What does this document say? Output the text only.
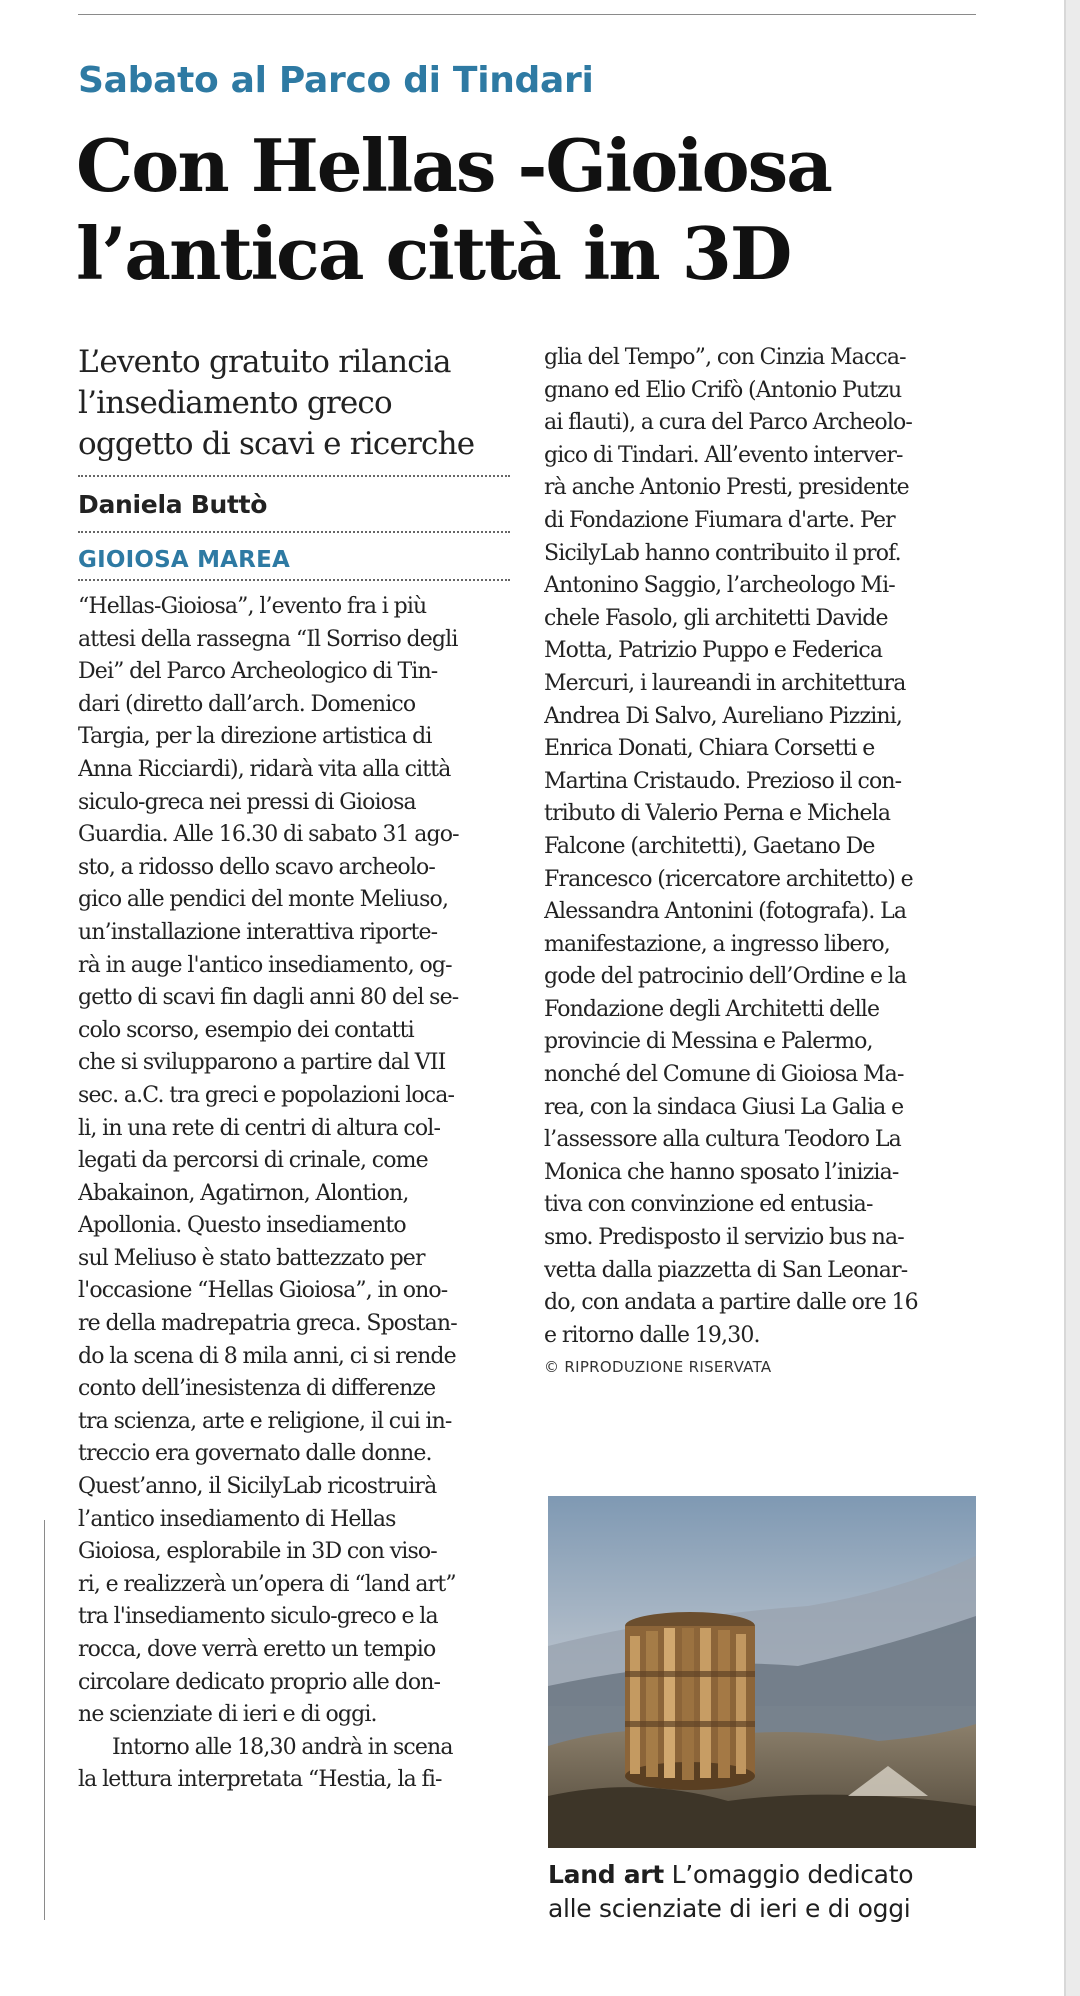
Sabato al Parco di Tindari
Con Hellas -Gioiosa
l’antica città in 3D
L’evento gratuito rilancia
l’insediamento greco
oggetto di scavi e ricerche
Daniela Buttò
GIOIOSA MAREA
“Hellas-Gioiosa”, l’evento fra i più
attesi della rassegna “Il Sorriso degli
Dei” del Parco Archeologico di Tin-
dari (diretto dall’arch. Domenico
Targia, per la direzione artistica di
Anna Ricciardi), ridarà vita alla città
siculo-greca nei pressi di Gioiosa
Guardia. Alle 16.30 di sabato 31 ago-
sto, a ridosso dello scavo archeolo-
gico alle pendici del monte Meliuso,
un’installazione interattiva riporte-
rà in auge l'antico insediamento, og-
getto di scavi fin dagli anni 80 del se-
colo scorso, esempio dei contatti
che si svilupparono a partire dal VII
sec. a.C. tra greci e popolazioni loca-
li, in una rete di centri di altura col-
legati da percorsi di crinale, come
Abakainon, Agatirnon, Alontion,
Apollonia. Questo insediamento
sul Meliuso è stato battezzato per
l'occasione “Hellas Gioiosa”, in ono-
re della madrepatria greca. Spostan-
do la scena di 8 mila anni, ci si rende
conto dell’inesistenza di differenze
tra scienza, arte e religione, il cui in-
treccio era governato dalle donne.
Quest’anno, il SicilyLab ricostruirà
l’antico insediamento di Hellas
Gioiosa, esplorabile in 3D con viso-
ri, e realizzerà un’opera di “land art”
tra l'insediamento siculo-greco e la
rocca, dove verrà eretto un tempio
circolare dedicato proprio alle don-
ne scienziate di ieri e di oggi.
Intorno alle 18,30 andrà in scena
la lettura interpretata “Hestia, la fi-
glia del Tempo”, con Cinzia Macca-
gnano ed Elio Crifò (Antonio Putzu
ai flauti), a cura del Parco Archeolo-
gico di Tindari. All’evento interver-
rà anche Antonio Presti, presidente
di Fondazione Fiumara d'arte. Per
SicilyLab hanno contribuito il prof.
Antonino Saggio, l’archeologo Mi-
chele Fasolo, gli architetti Davide
Motta, Patrizio Puppo e Federica
Mercuri, i laureandi in architettura
Andrea Di Salvo, Aureliano Pizzini,
Enrica Donati, Chiara Corsetti e
Martina Cristaudo. Prezioso il con-
tributo di Valerio Perna e Michela
Falcone (architetti), Gaetano De
Francesco (ricercatore architetto) e
Alessandra Antonini (fotografa). La
manifestazione, a ingresso libero,
gode del patrocinio dell’Ordine e la
Fondazione degli Architetti delle
provincie di Messina e Palermo,
nonché del Comune di Gioiosa Ma-
rea, con la sindaca Giusi La Galia e
l’assessore alla cultura Teodoro La
Monica che hanno sposato l’inizia-
tiva con convinzione ed entusia-
smo. Predisposto il servizio bus na-
vetta dalla piazzetta di San Leonar-
do, con andata a partire dalle ore 16
e ritorno dalle 19,30.
© RIPRODUZIONE RISERVATA
Land art L’omaggio dedicato
alle scienziate di ieri e di oggi
